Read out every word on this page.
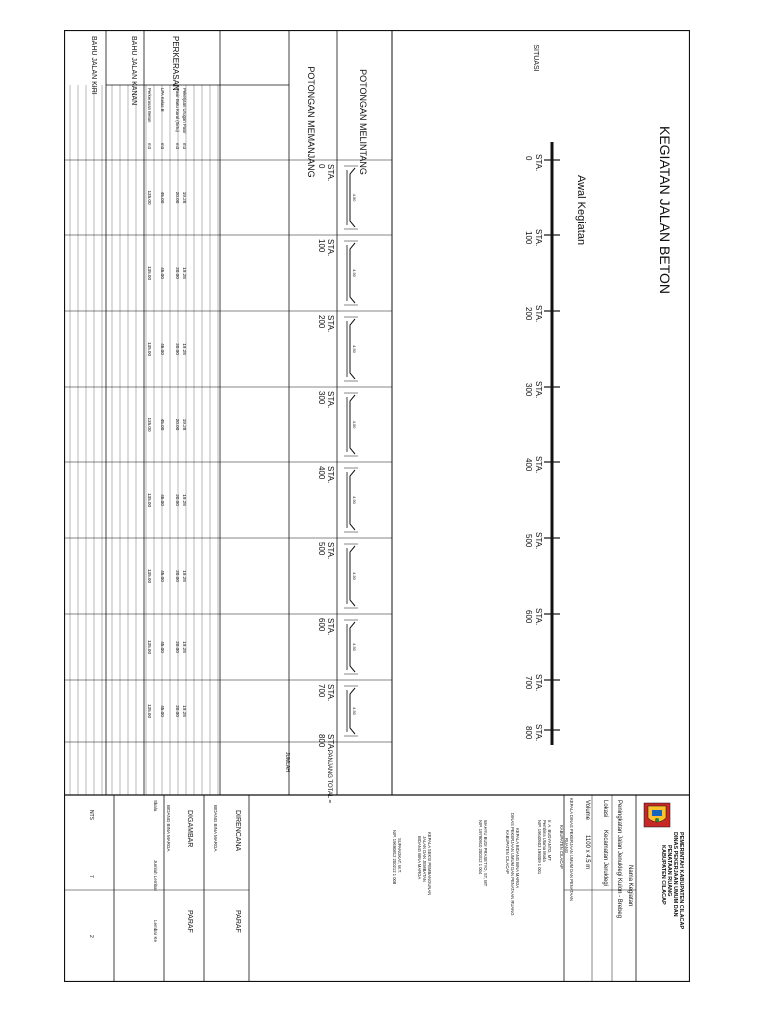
KEGIATAN JALAN BETON
Awal Kegiatan
SITUASI
POTONGAN MELINTANG
POTONGAN MEMANJANG
PERKERASAN
BAHU JALAN KANAN
BAHU JALAN KIRI
PANJANG TOTAL =
JUMLAH
Pekerjaan Urugan Pasir
m3
19.28
19.28
19.28
19.28
19.28
19.28
19.28
19.28
Pasir Batu Koral (Sirtu)
m3
20.00
20.00
20.00
20.00
20.00
20.00
20.00
20.00
LPA Kelas B
m3
45.00
45.00
45.00
45.00
45.00
45.00
45.00
45.00
Perkerasan Beton
m3
135.00
135.00
135.00
135.00
135.00
135.00
135.00
135.00
STA.
0
STA.
0
STA.
100
STA.
100
STA.
200
STA.
200
STA.
300
STA.
300
STA.
400
STA.
400
STA.
500
STA.
500
STA.
600
STA.
600
STA.
700
STA.
700
STA.
800
STA.
800
4.50
4.50
4.50
4.50
4.50
4.50
4.50
4.50
PEMERINTAH KABUPATEN CILACAP
DINAS PEKERJAAN UMUM DAN
PENATAAN RUANG
KABUPATEN CILACAP
Nama Kegiatan
Peningkatan Jalan Jenuklegi Kulon - Brebeg
Lokasi
Kecamatan Jeruklegi
Volume
1100 x 4.5 m
KEPALA DINAS PEKERJAAN UMUM DAN PENATAAN
RUANG
KABUPATEN CILACAP
Ir. A. BUDYANTO, MT
Pembina Utama Muda
NIP. 19640503 199309 1 001
KEPALA BIDANG BINA MARGA
DINAS PEKERJAAN UMUM DAN PENATAAN RUANG
KABUPATEN CILACAP
WAHYU BUDI PRASETYO, ST, MT
NIP. 19790910 200312 1 004
KEPALA SEKSI PEMBANGUNAN
JALAN DAN JEMBATAN
BIDANG BINA MARGA
SUPANGKAT, M.T.
NIP. 19690812 200212 1 008
DIRENCANA
PARAF
BIDANG BINA MARGA
DIGAMBAR
PARAF
BIDANG BINA MARGA
Skala
Jumlah Lembar
Lembar Ke
NTS
7
2
